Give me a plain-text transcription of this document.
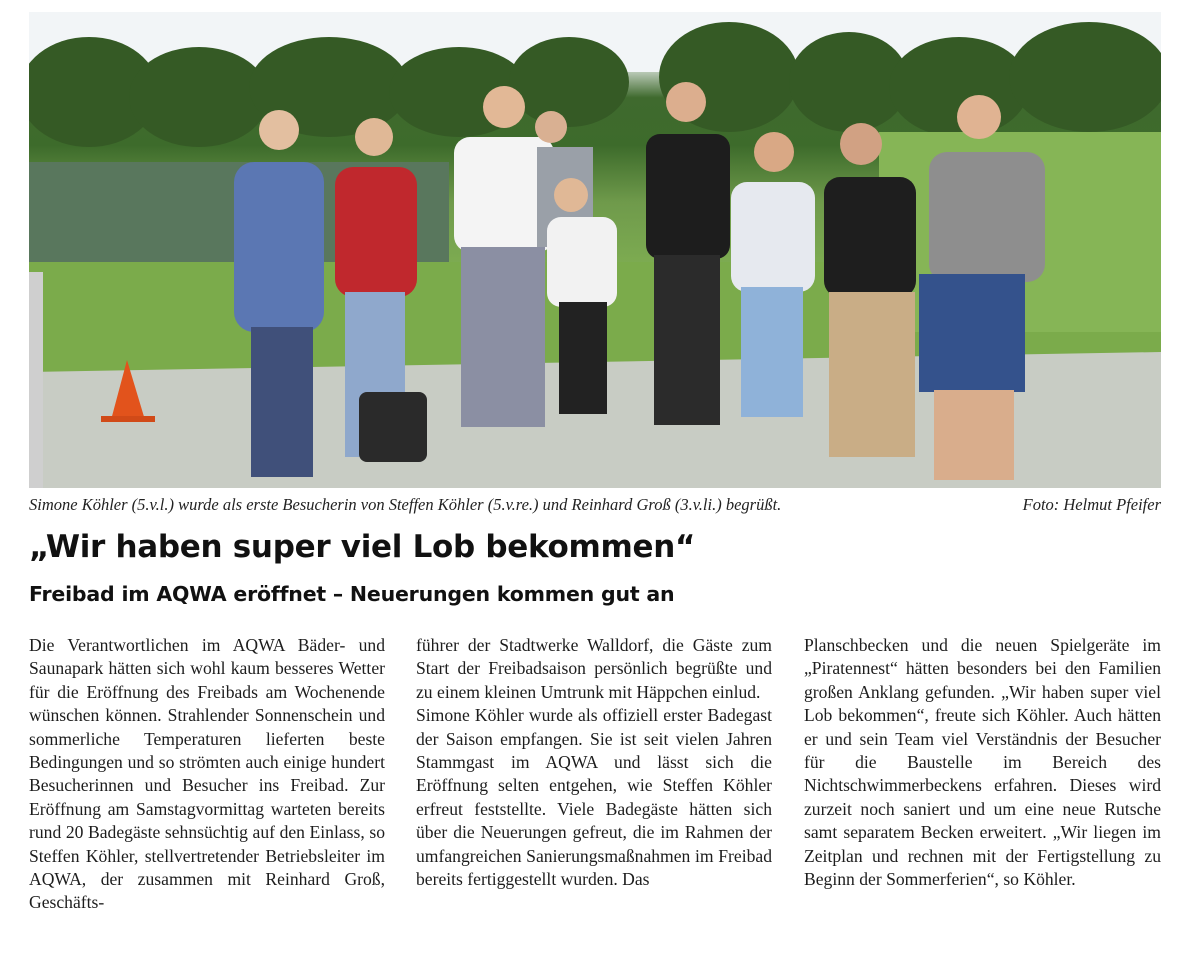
Simone Köhler (5.v.l.) wurde als erste Besucherin von Steffen Köhler (5.v.re.) und Reinhard Groß (3.v.li.) begrüßt.	Foto: Helmut Pfeifer
„Wir haben super viel Lob bekommen“
Freibad im AQWA eröffnet – Neuerungen kommen gut an

Die Verantwortlichen im AQWA Bäder- und Saunapark hätten sich wohl kaum besseres Wetter für die Eröffnung des Freibads am Wochenende wünschen können. Strahlender Sonnenschein und sommerliche Temperaturen lieferten beste Bedingungen und so strömten auch einige hundert Besucherinnen und Besucher ins Freibad. Zur Eröffnung am Samstagvormittag warteten bereits rund 20 Badegäste sehnsüchtig auf den Einlass, so Steffen Köhler, stellvertretender Betriebsleiter im AQWA, der zusammen mit Reinhard Groß, Geschäfts-

führer der Stadtwerke Walldorf, die Gäste zum Start der Freibadsaison persönlich begrüßte und zu einem kleinen Umtrunk mit Häppchen einlud.

Simone Köhler wurde als offiziell erster Badegast der Saison empfangen. Sie ist seit vielen Jahren Stammgast im AQWA und lässt sich die Eröffnung selten entgehen, wie Steffen Köhler erfreut feststellte. Viele Badegäste hätten sich über die Neuerungen gefreut, die im Rahmen der umfangreichen Sanierungsmaßnahmen im Freibad bereits fertiggestellt wurden. Das

Planschbecken und die neuen Spielgeräte im „Piratennest“ hätten besonders bei den Familien großen Anklang gefunden. „Wir haben super viel Lob bekommen“, freute sich Köhler. Auch hätten er und sein Team viel Verständnis der Besucher für die Baustelle im Bereich des Nichtschwimmerbeckens erfahren. Dieses wird zurzeit noch saniert und um eine neue Rutsche samt separatem Becken erweitert. „Wir liegen im Zeitplan und rechnen mit der Fertigstellung zu Beginn der Sommerferien“, so Köhler.
